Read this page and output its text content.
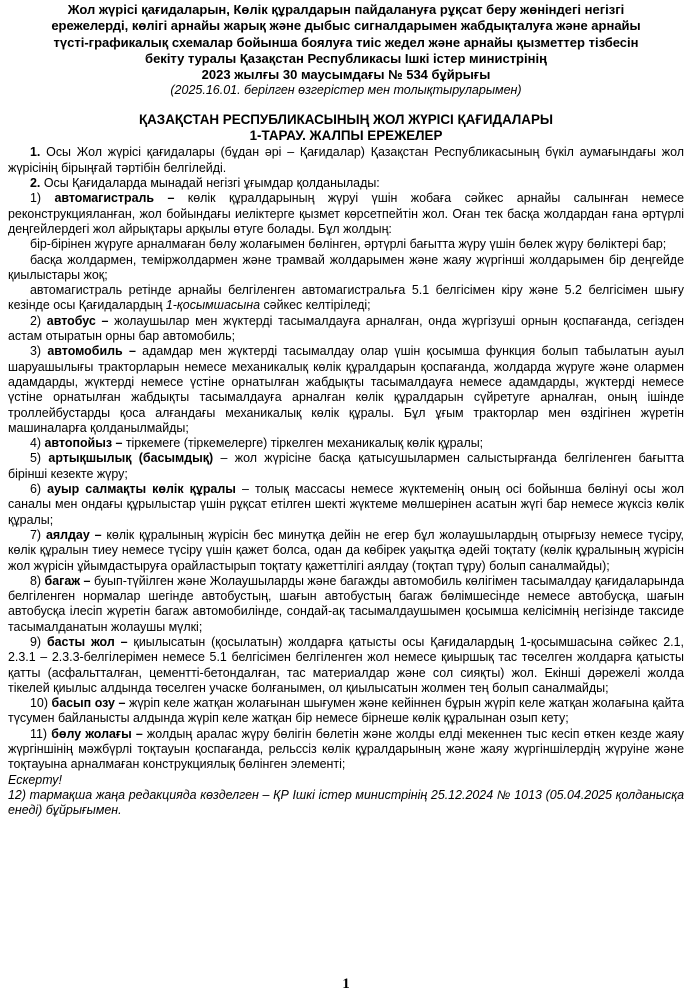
Жол жүрісі қағидаларын, Көлік құралдарын пайдалануға рұқсат беру жөніндегі негізгі
ережелерді, көлігі арнайы жарық және дыбыс сигналдарымен жабдықталуға және арнайы
түсті-графикалық схемалар бойынша боялуға тиіс жедел және арнайы қызметтер тізбесін
бекіту туралы Қазақстан Республикасы Ішкі істер министрінің
2023 жылғы 30 маусымдағы № 534 бұйрығы
(2025.16.01. берілген өзгерістер мен толықтыруларымен)
ҚАЗАҚСТАН РЕСПУБЛИКАСЫНЫҢ ЖОЛ ЖҮРІСІ ҚАҒИДАЛАРЫ
1-ТАРАУ. ЖАЛПЫ ЕРЕЖЕЛЕР

1. Осы Жол жүрісі қағидалары (бұдан әрі – Қағидалар) Қазақстан Республикасының бүкіл аумағындағы жол жүрісінің бірыңғай тәртібін белгілейді.

2. Осы Қағидаларда мынадай негізгі ұғымдар қолданылады:

1) автомагистраль – көлік құралдарының жүруі үшін жобаға сәйкес арнайы салынған немесе реконструкцияланған, жол бойындағы иеліктерге қызмет көрсетпейтін жол. Оған тек басқа жолдардан ғана әртүрлі деңгейлердегі жол айрықтары арқылы өтуге болады. Бұл жолдың:

бір-бірінен жүруге арналмаған бөлу жолағымен бөлінген, әртүрлі бағытта жүру үшін бөлек жүру бөліктері бар;

басқа жолдармен, теміржолдармен және трамвай жолдарымен және жаяу жүргінші жолдарымен бір деңгейде қиылыстары жоқ;

автомагистраль ретінде арнайы белгіленген автомагистральға 5.1 белгісімен кіру және 5.2 белгісімен шығу кезінде осы Қағидалардың 1-қосымшасына сәйкес келтіріледі;

2) автобус – жолаушылар мен жүктерді тасымалдауға арналған, онда жүргізуші орнын қоспағанда, сегізден астам отыратын орны бар автомобиль;

3) автомобиль – адамдар мен жүктерді тасымалдау олар үшін қосымша функция болып табылатын ауыл шаруашылығы тракторларын немесе механикалық көлік құралдарын қоспағанда, жолдарда жүруге және олармен адамдарды, жүктерді немесе үстіне орнатылған жабдықты тасымалдауға немесе адамдарды, жүктерді немесе үстіне орнатылған жабдықты тасымалдауға арналған көлік құралдарын сүйретуге арналған, оның ішінде троллейбустарды қоса алғандағы механикалық көлік құралы. Бұл ұғым тракторлар мен өздігінен жүретін машиналарға қолданылмайды;

4) автопойыз – тіркемеге (тіркемелерге) тіркелген механикалық көлік құралы;

5) артықшылық (басымдық) – жол жүрісіне басқа қатысушылармен салыстырғанда белгіленген бағытта бірінші кезекте жүру;

6) ауыр салмақты көлік құралы – толық массасы немесе жүктеменің оның осі бойынша бөлінуі осы жол саналы мен ондағы құрылыстар үшін рұқсат етілген шекті жүктеме мөлшерінен асатын жүгі бар немесе жүксіз көлік құралы;

7) аялдау – көлік құралының жүрісін бес минутқа дейін не егер бұл жолаушылардың отырғызу немесе түсіру, көлік құралын тиеу немесе түсіру үшін қажет болса, одан да көбірек уақытқа әдейі тоқтату (көлік құралының жүрісін жол жүрісін ұйымдастыруға орайластырып тоқтату қажеттілігі аялдау (тоқтап тұру) болып саналмайды);

8) багаж – буып-түйілген және Жолаушыларды және багажды автомобиль көлігімен тасымалдау қағидаларында белгіленген нормалар шегінде автобустың, шағын автобустың багаж бөлімшесінде немесе автобусқа, шағын автобусқа ілесіп жүретін багаж автомобилінде, сондай-ақ тасымалдаушымен қосымша келісімнің негізінде таксиде тасымалданатын жолаушы мүлкі;

9) басты жол – қиылысатын (қосылатын) жолдарға қатысты осы Қағидалардың 1-қосымшасына сәйкес 2.1, 2.3.1 – 2.3.3-белгілерімен немесе 5.1 белгісімен белгіленген жол немесе қиыршық тас төселген жолдарға қатысты қатты (асфальтталған, цементті-бетондалған, тас материалдар және сол сияқты) жол. Екінші дәрежелі жолда тікелей қиылыс алдында төселген учаске болғанымен, ол қиылысатын жолмен тең болып саналмайды;

10) басып озу – жүріп келе жатқан жолағынан шығумен және кейіннен бұрын жүріп келе жатқан жолағына қайта түсумен байланысты алдында жүріп келе жатқан бір немесе бірнеше көлік құралынан озып кету;

11) бөлу жолағы – жолдың аралас жүру бөлігін бөлетін және жолды елді мекеннен тыс кесіп өткен кезде жаяу жүргіншінің мәжбүрлі тоқтауын қоспағанда, рельссіз көлік құралдарының және жаяу жүргіншілердің жүруіне және тоқтауына арналмаған конструкциялық бөлінген элементі;

Ескерту!

12) тармақша жаңа редакцияда көзделген – ҚР Ішкі істер министрінің 25.12.2024 № 1013 (05.04.2025 қолданысқа енеді) бұйрығымен.

1
